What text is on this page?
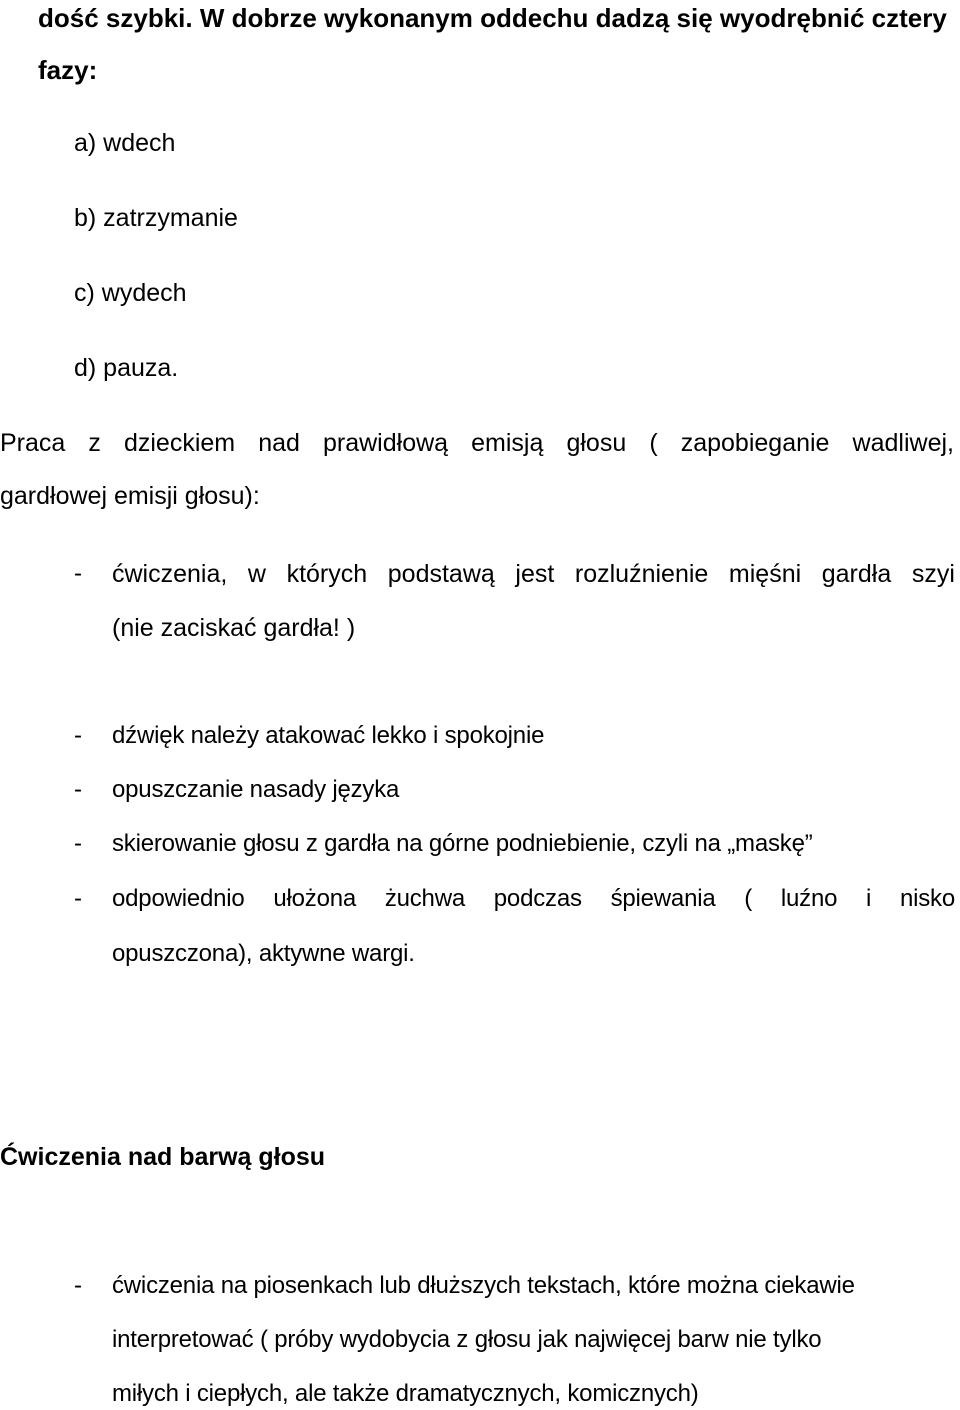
dość szybki. W dobrze wykonanym oddechu dadzą się wyodrębnić cztery
fazy:
a) wdech
b) zatrzymanie
c) wydech
d) pauza.
Praca z dzieckiem nad prawidłową emisją głosu ( zapobieganie wadliwej,
gardłowej emisji głosu):
- ćwiczenia, w których podstawą jest rozluźnienie mięśni gardła szyi
(nie zaciskać gardła! )
- dźwięk należy atakować lekko i spokojnie
- opuszczanie nasady języka
- skierowanie głosu z gardła na górne podniebienie, czyli na „maskę”
- odpowiednio ułożona żuchwa podczas śpiewania ( luźno i nisko
opuszczona), aktywne wargi.
Ćwiczenia nad barwą głosu
- ćwiczenia na piosenkach lub dłuższych tekstach, które można ciekawie
interpretować ( próby wydobycia z głosu jak najwięcej barw nie tylko
miłych i ciepłych, ale także dramatycznych, komicznych)
